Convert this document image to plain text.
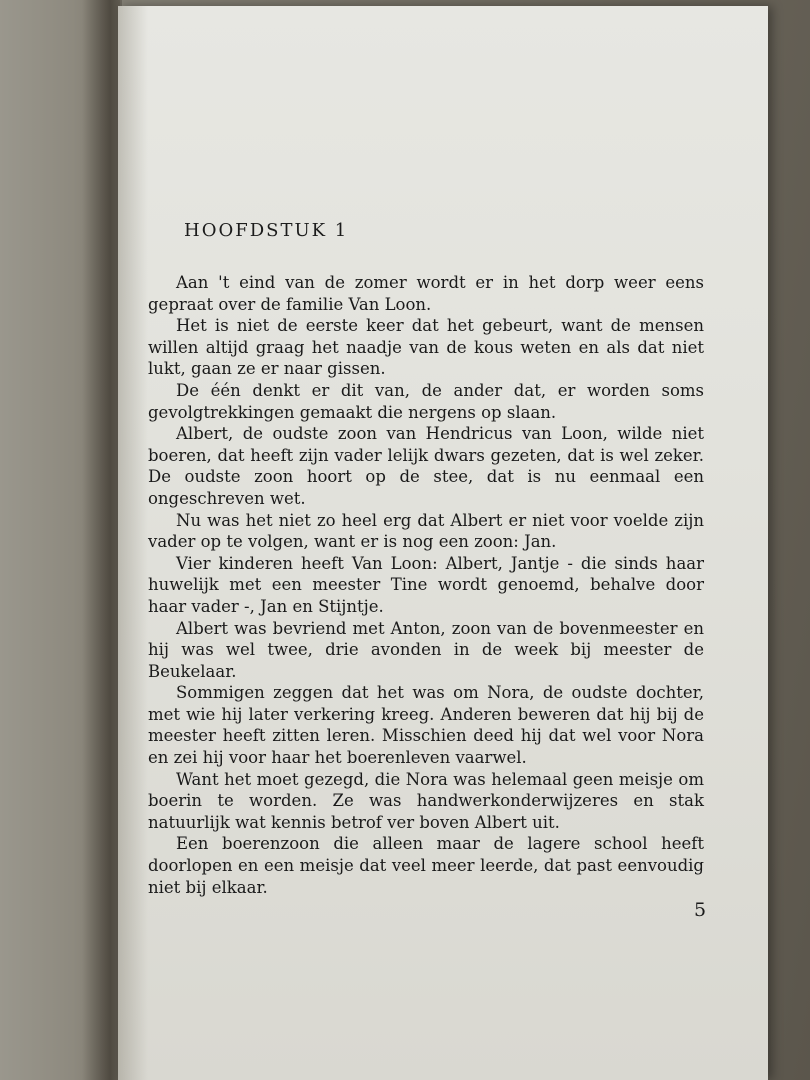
HOOFDSTUK 1

Aan 't eind van de zomer wordt er in het dorp weer eens gepraat over de familie Van Loon.

Het is niet de eerste keer dat het gebeurt, want de mensen willen altijd graag het naadje van de kous weten en als dat niet lukt, gaan ze er naar gissen.

De één denkt er dit van, de ander dat, er worden soms gevolgtrekkingen gemaakt die nergens op slaan.

Albert, de oudste zoon van Hendricus van Loon, wilde niet boeren, dat heeft zijn vader lelijk dwars gezeten, dat is wel zeker. De oudste zoon hoort op de stee, dat is nu eenmaal een ongeschreven wet.

Nu was het niet zo heel erg dat Albert er niet voor voelde zijn vader op te volgen, want er is nog een zoon: Jan.

Vier kinderen heeft Van Loon: Albert, Jantje - die sinds haar huwelijk met een meester Tine wordt genoemd, behalve door haar vader -, Jan en Stijntje.

Albert was bevriend met Anton, zoon van de bovenmeester en hij was wel twee, drie avonden in de week bij meester de Beukelaar.

Sommigen zeggen dat het was om Nora, de oudste dochter, met wie hij later verkering kreeg. Anderen beweren dat hij bij de meester heeft zitten leren. Misschien deed hij dat wel voor Nora en zei hij voor haar het boerenleven vaarwel.

Want het moet gezegd, die Nora was helemaal geen meisje om boerin te worden. Ze was handwerkonderwijzeres en stak natuurlijk wat kennis betrof ver boven Albert uit.

Een boerenzoon die alleen maar de lagere school heeft doorlopen en een meisje dat veel meer leerde, dat past eenvoudig niet bij elkaar.

5
